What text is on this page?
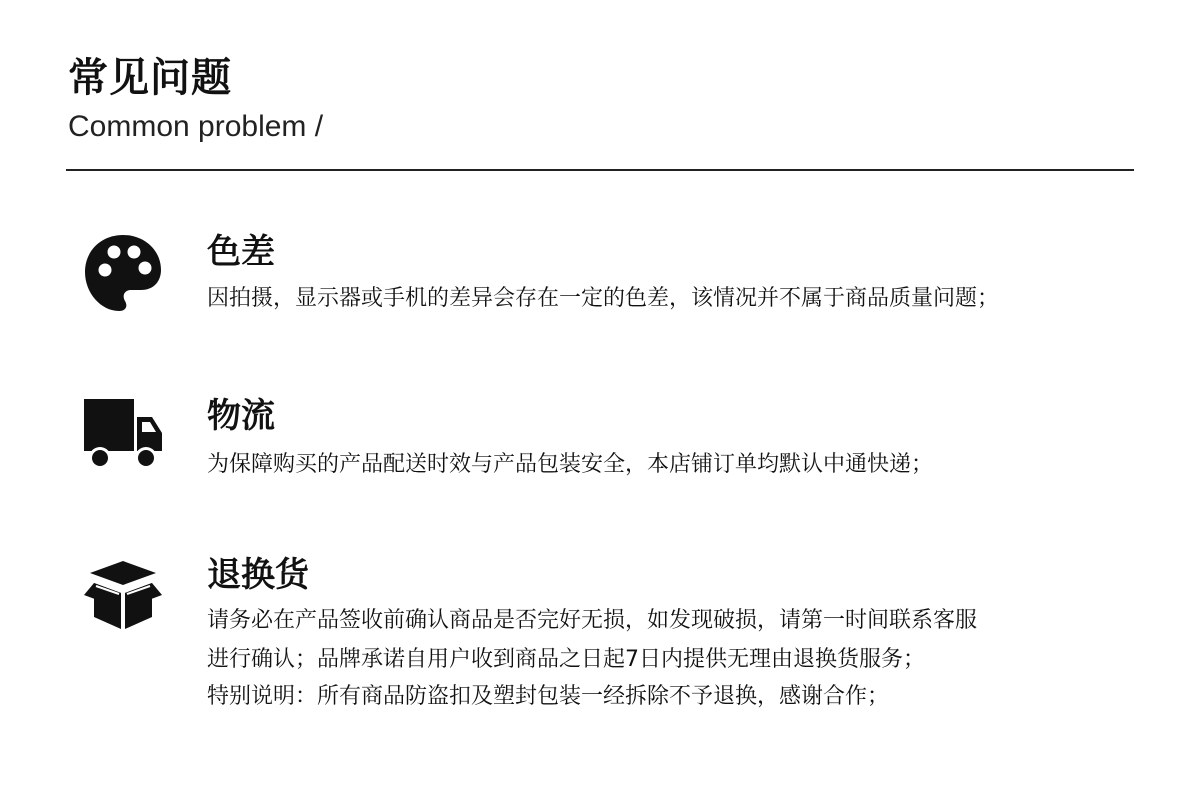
常见问题
Common problem /
色差
因拍摄，显示器或手机的差异会存在一定的色差，该情况并不属于商品质量问题；
物流
为保障购买的产品配送时效与产品包装安全，本店铺订单均默认中通快递；
退换货
请务必在产品签收前确认商品是否完好无损，如发现破损，请第一时间联系客服
进行确认；品牌承诺自用户收到商品之日起7日内提供无理由退换货服务；
特别说明：所有商品防盗扣及塑封包装一经拆除不予退换，感谢合作；
